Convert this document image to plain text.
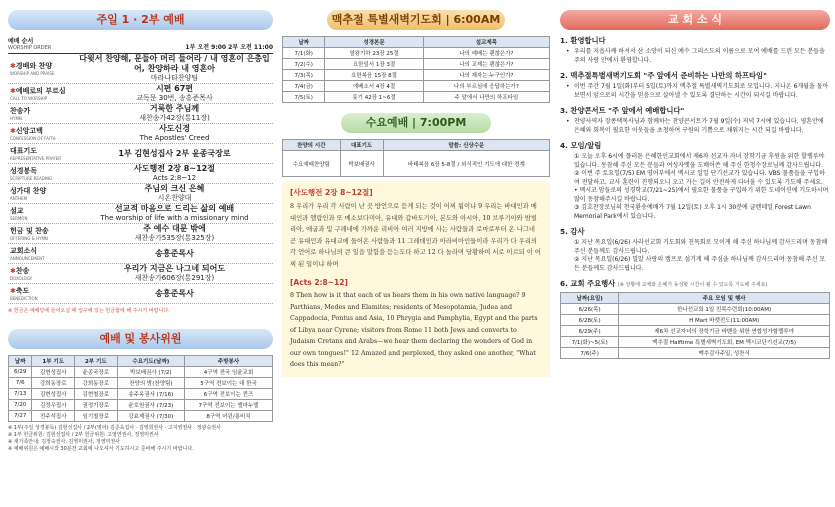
주일 1 · 2부 예배
예배 순서
WORSHIP ORDER	1부 오전 9:00 2부 오전 11:00
✱경배와 찬양
WORSHIP AND PRAISE
다윗서 찬양해, 문들아 머리 들어라 / 내 영혼이 은총입어, 찬양하라 내 영혼아
마라나타찬양팀
✱예배로의 부르심
CALL TO WORSHIP
시편 67편
교독문 30번, 송흥준목사
찬송가
HYMN
거룩한 주님께
새찬송가42장(통11장)
✱신앙고백
CONFESSION OF FAITH
사도신경
The Apostles' Creed
대표기도
REPRESENTATIVE PRAYER
1부 김현성집사 2부 윤종국장로
성경봉독
SCRIPTURE READING
사도행전 2장 8~12절
Acts 2:8~12
성가대 찬양
ANTHEM
주님의 크신 은혜
시온찬양대
설교
SERMON
선교적 마음으로 드리는 삶의 예배
The worship of life with a missionary mind
헌금 및 찬송
OFFERING & HYMN
주 예수 대문 밖에
새찬송가535장(통325장)
교회소식
ANNOUNCEMENT
송흥준목사
✱찬송
DOXOLOGY
우리가 지금은 나그네 되어도
새찬송가606장(통291장)
✱축도
BENEDICTION
송흥준목사
※ 헌금은 예배당에 들어오실 때 입구에 있는 헌금함에 해 주시기 바랍니다.
예배 및 봉사위원
날짜	1부 기도	2부 기도	수요기도(날짜)	주방봉사
6/29	김현성집사	윤종국장로	박보배권사 (7/2)	4구역 전국 임윤교회
7/6	강희동장로	강희동장로	찬양의 밤(찬양팀)	5구역 전보이는 대 한국
7/13	김현성집사	김현철장로	송주옥권사 (7/16)	6구역 전보이는 퀸즈
7/20	김정우집사	권정기장로	윤호원권사 (7/23)	7구역 전보이는 엘마누엘
7/27	전주석집사	임기철장로	강효제권사 (7/30)	8구역 어윈/롱비치
※ 1부(주일 성경봉독) 김현성집사 / 2부(영어) 김준욱집사 · 김영희권사 · 고지영권사 · 정광숙권사
※ 1부 헌금위원: 김현성집사 / 2부 헌금위원: 고영연권사, 정영미권사
※ 새가족안내: 김정숙권사, 김영미권사, 정영미권사
※ 예배위원은 예배시작 30분전 교회에 나오셔서 기도하시고 준비해 주시기 바랍니다.
맥추절 특별새벽기도회 | 6:00AM
날짜	성경본문	설교제목
7/1(화)	열왕기하 23장 25절	나의 예배는 괜찮은가?
7/2(수)	요한일서 1장 3절	나의 교제는 괜찮은가?
7/3(목)	요한복음 15장 8절	나의 제자는 누구인가?
7/4(금)	에베소서 4장 4절	나의 부르심에 응답하는가?
7/5(토)	룻기 42장 1~6절	주 앞에서 나만의 하프타임
수요예배 | 7:00PM
찬양의 시간	대표기도	말씀: 신상수운
수요예배찬양팀	박보배권사	바태복음 6장 5-8절 / 외식적인 기도에 대한 경계
[사도행전 2장 8~12절]

8 우리가 우리 각 사람이 난 곳 방언으로 듣게 되는 것이 어찌 됨이냐 9 우리는 바대인과 메대인과 엘람인과 또 메소보다미아, 유대와 갑바도기아, 본도와 아시아, 10 브루기아와 밤빌리아, 애굽과 및 구레네에 가까운 리비아 여러 지방에 사는 사람들과 로마로부터 온 나그네 곧 유대인과 유대교에 들어온 사람들과 11 그레데인과 아라비아인들이라 우리가 다 우리의 각 언어로 하나님의 큰 일을 말함을 듣는도다 하고 12 다 놀라며 당황하여 서로 이르되 이 어찌 된 일이냐 하며

[Acts 2:8~12]

8 Then how is it that each of us hears them in his own native language? 9 Parthians, Medes and Elamites; residents of Mesopotamia, Judea and Cappadocia, Pontus and Asia, 10 Phrygia and Pamphylia, Egypt and the parts of Libya near Cyrene; visitors from Rome 11 both Jews and converts to Judaism Cretans and Arabs—we hear them declaring the wonders of God in our own tongues!" 12 Amazed and perplexed, they asked one another, "What does this mean?"

교 회 소 식
1. 환영합니다
• 우리를 지옵사께 하셔서 산 소망이 되신 예수 그리스도의 이름으로 모여 예배를 드린 모든 분들을 주의 사랑 안에서 환영합니다.
2. 맥추절특별새벽기도회 "주 앞에서 준비하는 나만의 하프타임"
• 이번 주간 7월 1일(화)부터 5일(토)까지 맥추절 특별새벽기도회로 모입니다. 지나온 6개월을 돌아보면서 앞으로의 시간을 믿음으로 살아낼 수 있도록 결단하는 시간이 되시길 바랍니다.
3. 찬양콘서트 "주 앞에서 예배합니다"
• 찬양사역자 장종택목사님과 함께하는 찬양콘서트가 7월 9일(수) 저녁 7시에 있습니다. 영혼안에 은혜와 회복이 필요한 이웃들을 초청하여 구원의 기쁨으로 채워지는 시간 되길 바랍니다.
4. 모임/알림
① 오늘 오후 6시에 플러튼 은혜한인교회에서 제6차 선교자 자녀 장학기금 후원을 위한 할렐루야 있습니다. 동참해 주신 모든 분들과 여성자멧을 도배어쓴 해 주신 한청수장로님께 감사드립니다.
② 이번 주 토요일(7/5) EM 영어부에서 멕시코 일일 단기선교가 있습니다. VBS 물품들을 구입하여 전달하고, 교사 훈련이 진행되오니 오고 가는 길이 안전하게 다녀올 수 있도록 기도해 주세요.
• 멕시코 맘들로의 성경학교(7/21~25)에서 필요한 물품을 구입하기 위한 도네이션에 기도하시며 많이 동참해주시길 바랍니다.
③ 김호찬장로님의 천국환송예배가 7월 12일(토) 오후 1시 30분에 글렌데일 Forest Lawn Memorial Park에서 있습니다.
5. 감사
① 지난 목요일(6/26) 사라선교회 기도회와 친목회로 모이게 해 주신 하나님께 감사드리며 동참해 주신 분들께도 감사드립니다.
② 지난 목요일(6/26) 밀알 사랑의 캠프로 섬기게 해 주심을 하나님께 감사드리며 동참해 주신 모든 분들께도 감사드립니다.
6. 교회 주요행사 (※ 상황에 교체와 은혜가 동성할 시간이 될 수 있도록 기도해 주세요)
날짜(요일)	주요 모임 및 행사
6/26(목)	한나선교회 1일 친목수련회(10:00AM)
6/28(토)	H Mart 바캣전도(11:00AM)
6/29(주)	제6차 선교자녀의 장학기금 바벤을 위한 연합성가할렐루야
7/1(화)~5(토)	맥추절 Halftime 특별새벽기도회, EM 멕시코단기선교(7/5)
7/6(주)	맥추감사주일, 성찬식
